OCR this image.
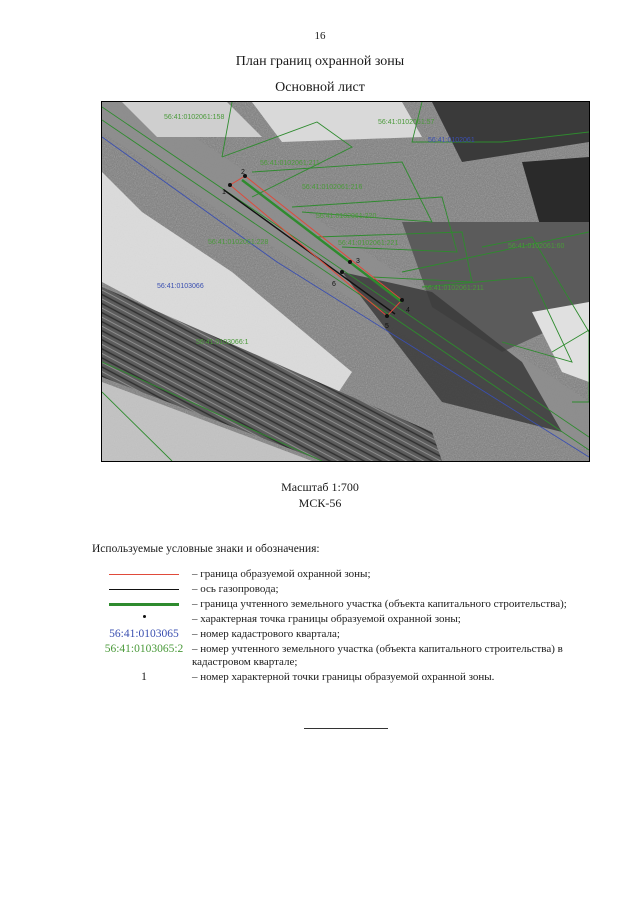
16
План границ охранной зоны
Основной лист
1
2
3
4
5
6
56:41:0102061:158
56:41:0102061:57
56:41:0102061
56:41:0102061:211
56:41:0102061:216
56:41:0102061:220
56:41:0102061:221
56:41:0102061:228
56:41:0102061:60
56:41:0103066
56:41:0103066:1
56:41:0102061:211
Масштаб 1:700
МСК-56
Используемые условные знаки и обозначения:
– граница образуемой охранной зоны;
– ось газопровода;
– граница учтенного земельного участка (объекта капитального строительства);
– характерная точка границы образуемой охранной зоны;
56:41:0103065	– номер кадастрового квартала;
56:41:0103065:2 – номер учтенного земельного участка (объекта капитального строительства) в кадастровом квартале;
1	– номер характерной точки границы образуемой охранной зоны.
